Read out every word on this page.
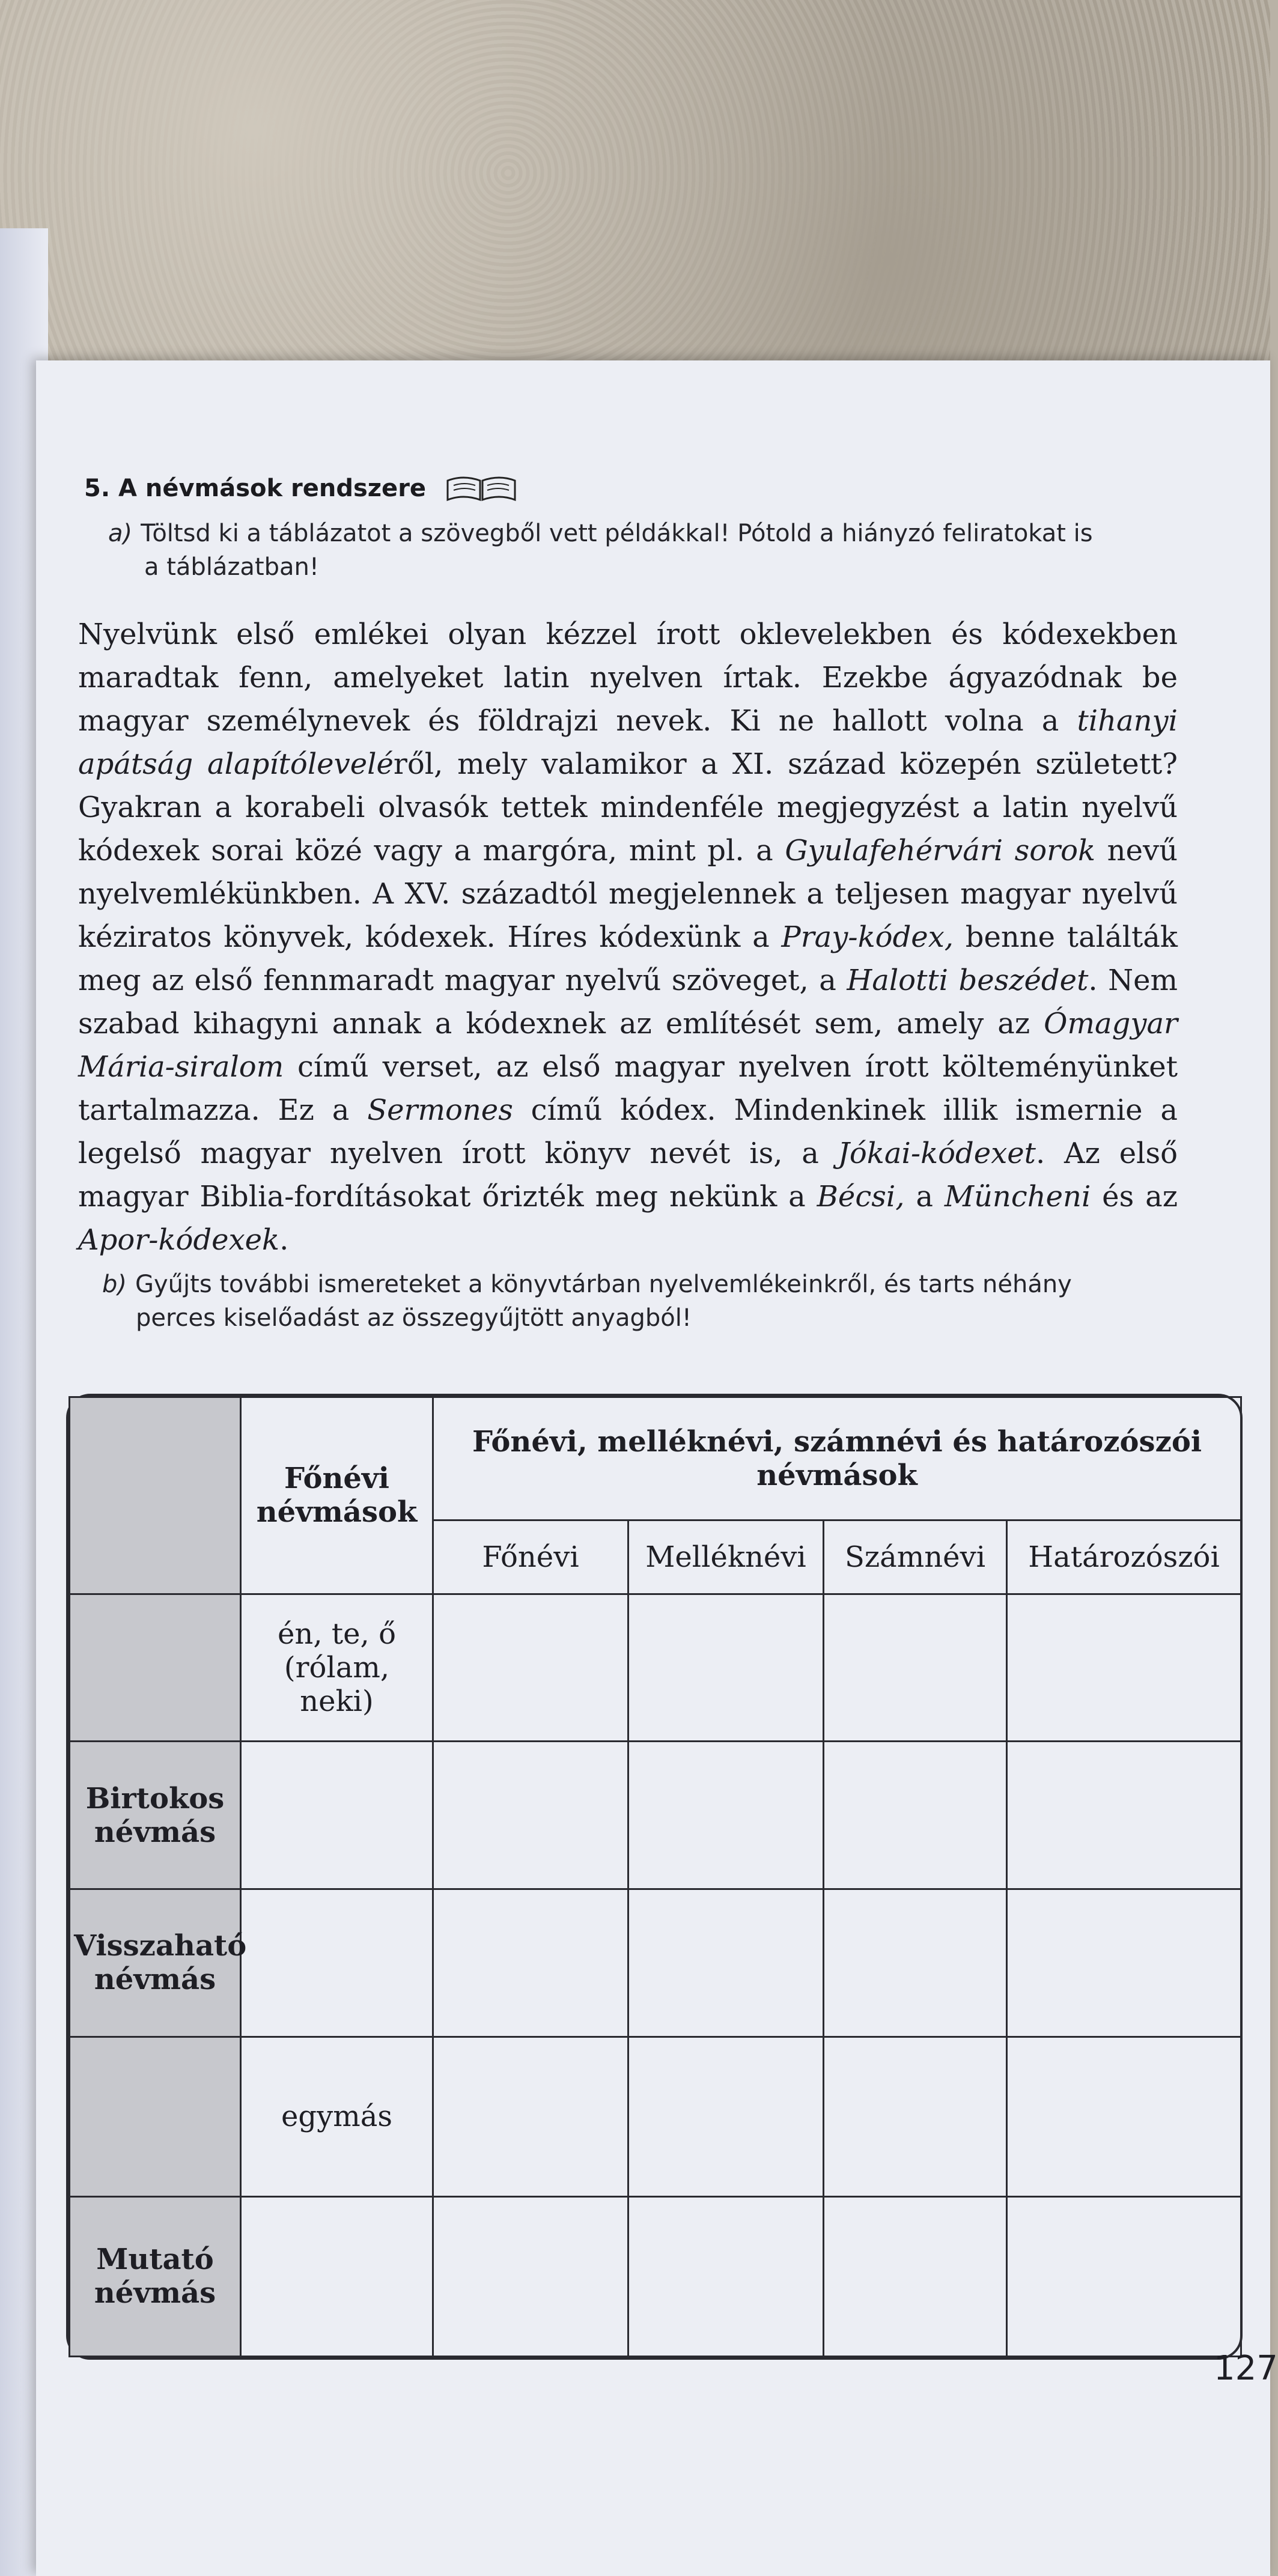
5. A névmások rendszere
a) Töltsd ki a táblázatot a szövegből vett példákkal! Pótold a hiányzó feliratokat is
a táblázatban!
Nyelvünk első emlékei olyan kézzel írott oklevelekben és kódexekben maradtak fenn, amelyeket latin nyelven írtak. Ezekbe ágyazódnak be magyar személynevek és földrajzi nevek. Ki ne hallott volna a tihanyi apátság alapítóleveléről, mely valamikor a XI. század közepén született? Gyakran a korabeli olvasók tettek mindenféle megjegyzést a latin nyelvű kódexek sorai közé vagy a margóra, mint pl. a Gyulafehérvári sorok nevű nyelvemlékünkben. A XV. századtól megjelennek a teljesen magyar nyelvű kéziratos könyvek, kódexek. Híres kódexünk a Pray-kódex, benne találták meg az első fennmaradt magyar nyelvű szöveget, a Halotti beszédet. Nem szabad kihagyni annak a kódexnek az említését sem, amely az Ómagyar Mária-siralom című verset, az első magyar nyelven írott költeményünket tartalmazza. Ez a Sermones című kódex. Mindenkinek illik ismernie a legelső magyar nyelven írott könyv nevét is, a Jókai-kódexet. Az első magyar Biblia-fordításokat őrizték meg nekünk a Bécsi, a Müncheni és az Apor-kódexek.
b) Gyűjts további ismereteket a könyvtárban nyelvemlékeinkről, és tarts néhány
perces kiselőadást az összegyűjtött anyagból!
	Főnévi névmások	Főnévi, melléknévi, számnévi és határozószói névmások			
		Főnévi	Melléknévi	Számnévi	Határozószói
	én, te, ő (rólam, neki)				
Birtokos névmás					
Visszaható névmás					
	egymás				
Mutató névmás					
127
